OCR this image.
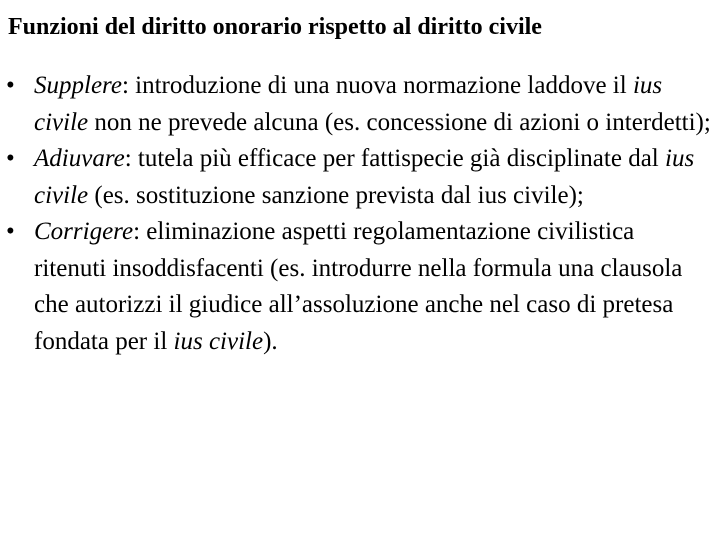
Funzioni del diritto onorario rispetto al diritto civile
• Supplere: introduzione di una nuova normazione laddove il ius civile non ne prevede alcuna (es. concessione di azioni o interdetti);
• Adiuvare: tutela più efficace per fattispecie già disciplinate dal ius civile (es. sostituzione sanzione prevista dal ius civile);
• Corrigere: eliminazione aspetti regolamentazione civilistica ritenuti insoddisfacenti (es. introdurre nella formula una clausola che autorizzi il giudice all’assoluzione anche nel caso di pretesa fondata per il ius civile).
